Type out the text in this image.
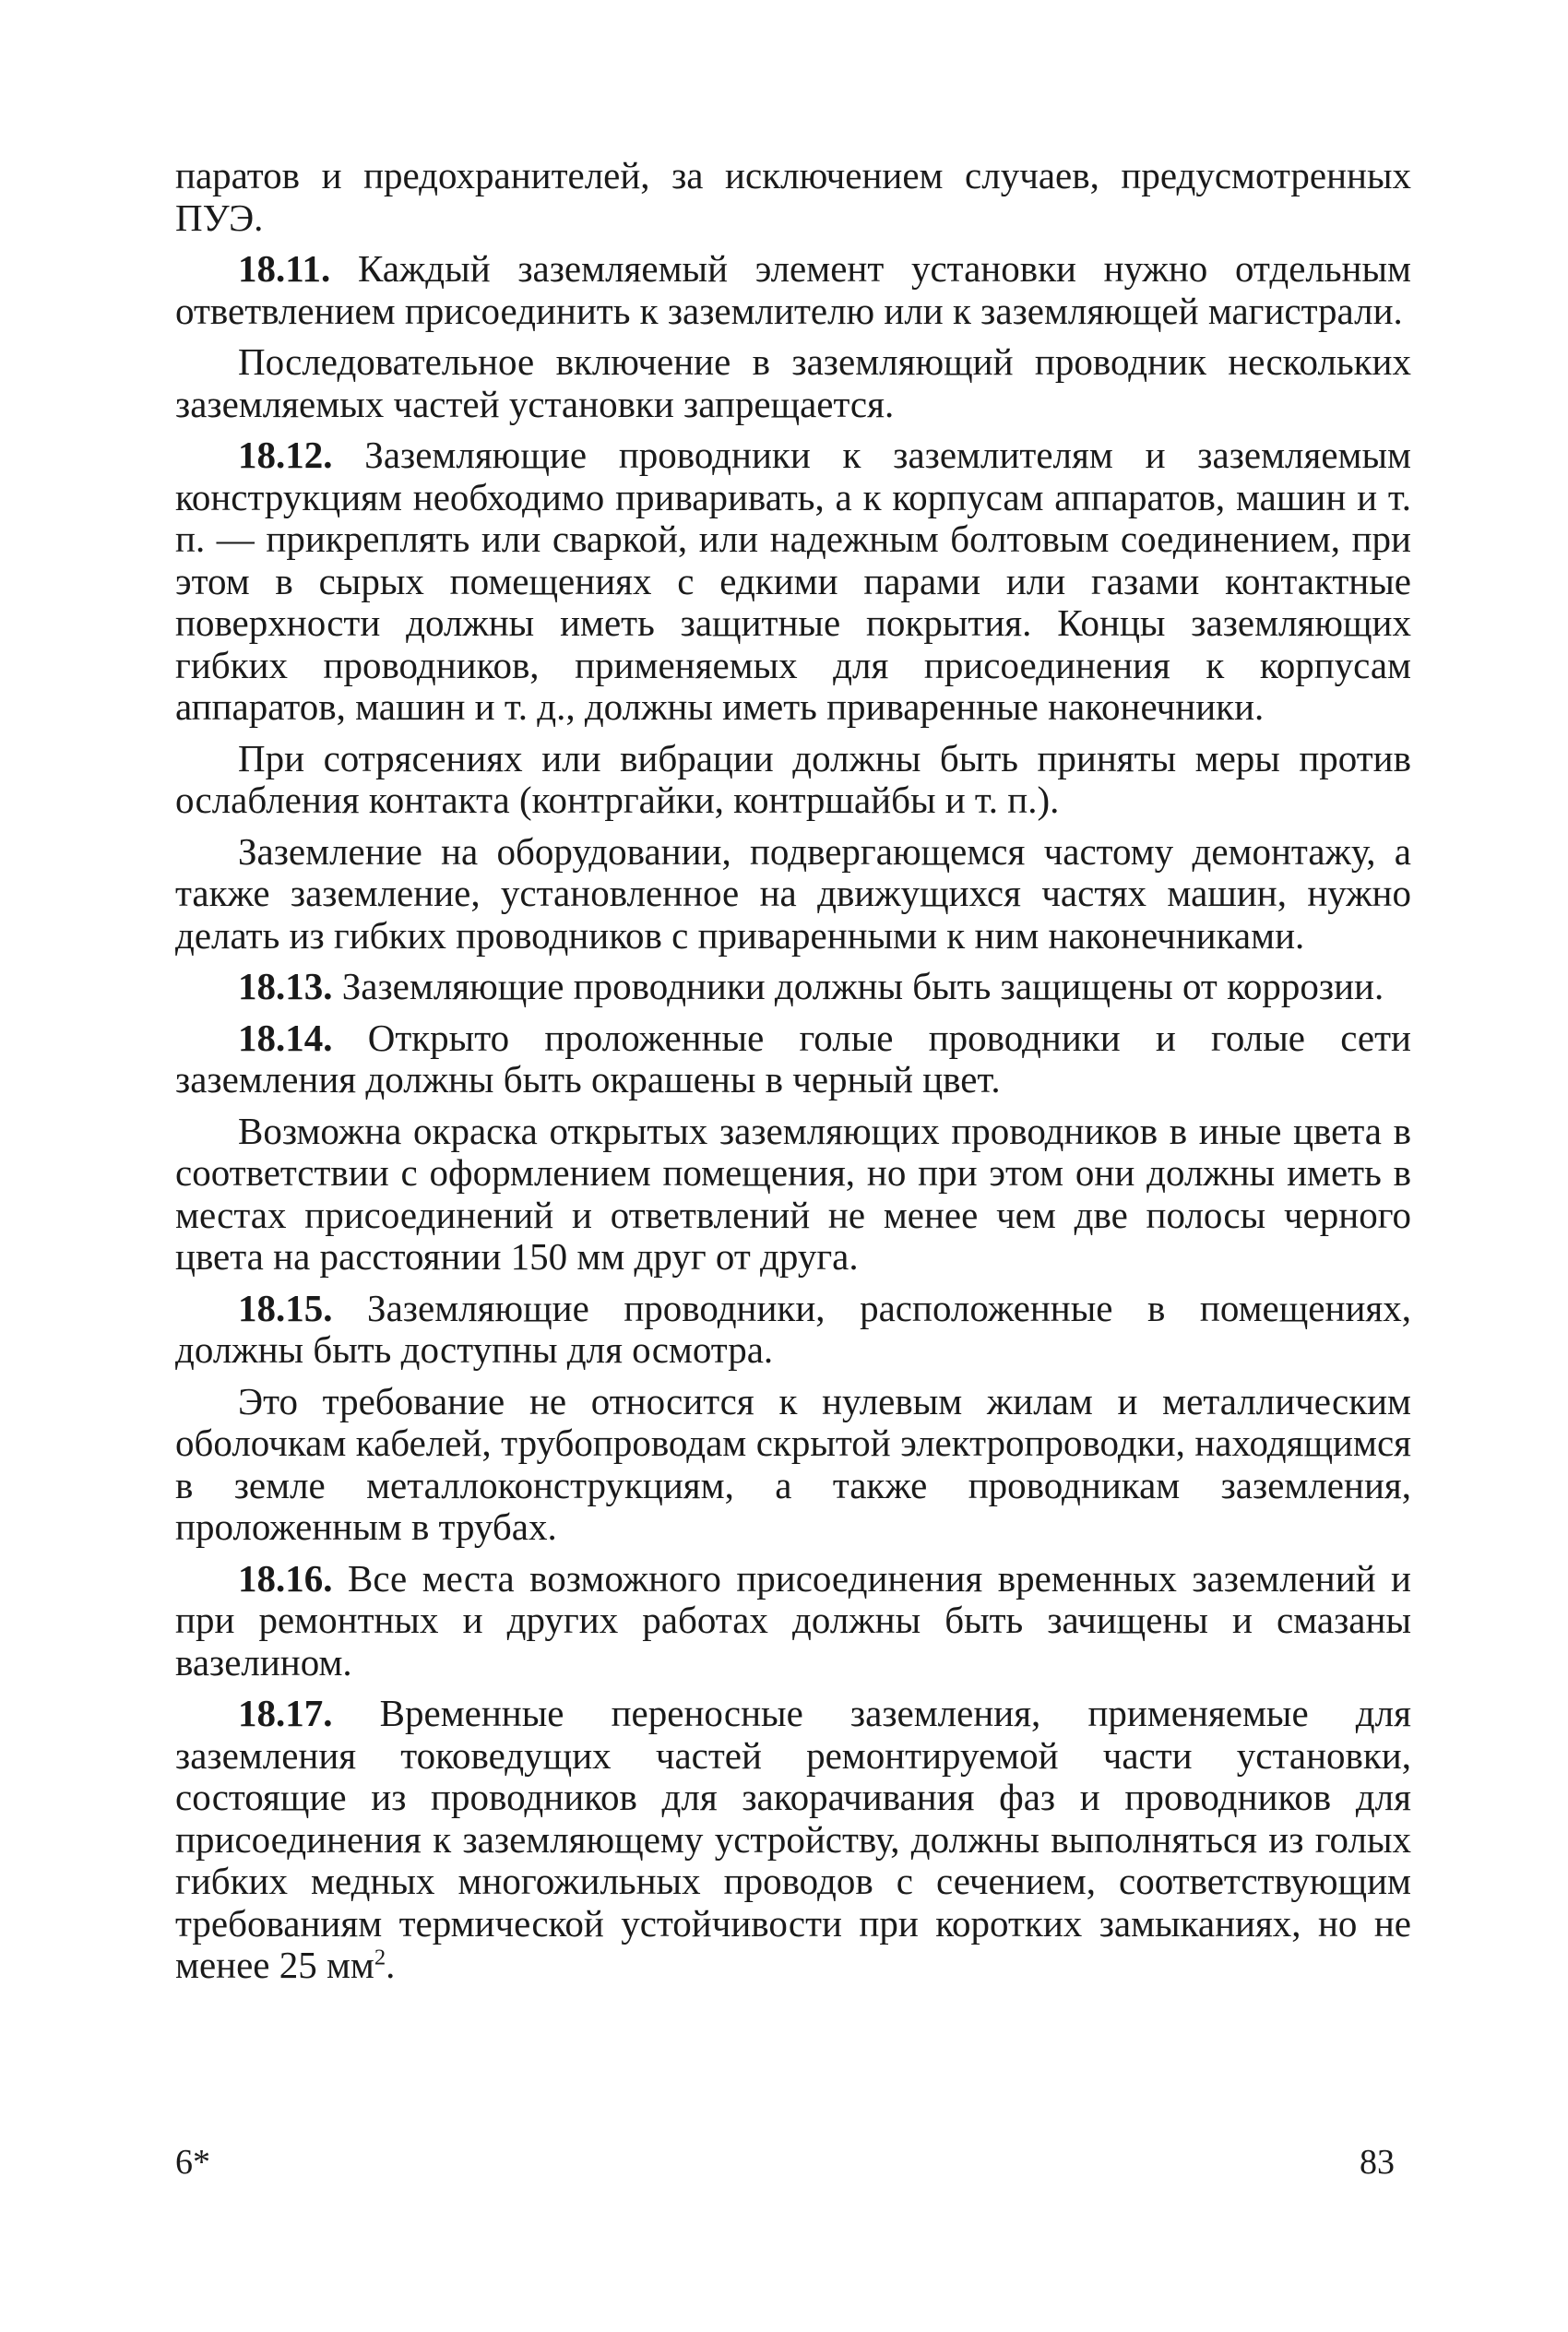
паратов и предохранителей, за исключением случаев, предусмотренных ПУЭ.

18.11. Каждый заземляемый элемент установки нужно отдельным ответвлением присоединить к заземлителю или к заземляющей магистрали.

Последовательное включение в заземляющий проводник нескольких заземляемых частей установки запрещается.

18.12. Заземляющие проводники к заземлителям и заземляемым конструкциям необходимо приваривать, а к корпусам аппаратов, машин и т. п. — прикреплять или сваркой, или надежным болтовым соединением, при этом в сырых помещениях с едкими парами или газами контактные поверхности должны иметь защитные покрытия. Концы заземляющих гибких проводников, применяемых для присоединения к корпусам аппаратов, машин и т. д., должны иметь приваренные наконечники.

При сотрясениях или вибрации должны быть приняты меры против ослабления контакта (контргайки, контршайбы и т. п.).

Заземление на оборудовании, подвергающемся частому демонтажу, а также заземление, установленное на движущихся частях машин, нужно делать из гибких проводников с приваренными к ним наконечниками.

18.13. Заземляющие проводники должны быть защищены от коррозии.

18.14. Открыто проложенные голые проводники и голые сети заземления должны быть окрашены в черный цвет.

Возможна окраска открытых заземляющих проводников в иные цвета в соответствии с оформлением помещения, но при этом они должны иметь в местах присоединений и ответвлений не менее чем две полосы черного цвета на расстоянии 150 мм друг от друга.

18.15. Заземляющие проводники, расположенные в помещениях, должны быть доступны для осмотра.

Это требование не относится к нулевым жилам и металлическим оболочкам кабелей, трубопроводам скрытой электропроводки, находящимся в земле металлоконструкциям, а также проводникам заземления, проложенным в трубах.

18.16. Все места возможного присоединения временных заземлений и при ремонтных и других работах должны быть зачищены и смазаны вазелином.

18.17. Временные переносные заземления, применяемые для заземления токоведущих частей ремонтируемой части установки, состоящие из проводников для закорачивания фаз и проводников для присоединения к заземляющему устройству, должны выполняться из голых гибких медных многожильных проводов с сечением, соответствующим требованиям термической устойчивости при коротких замыканиях, но не менее 25 $мм^2$.

6*	83
